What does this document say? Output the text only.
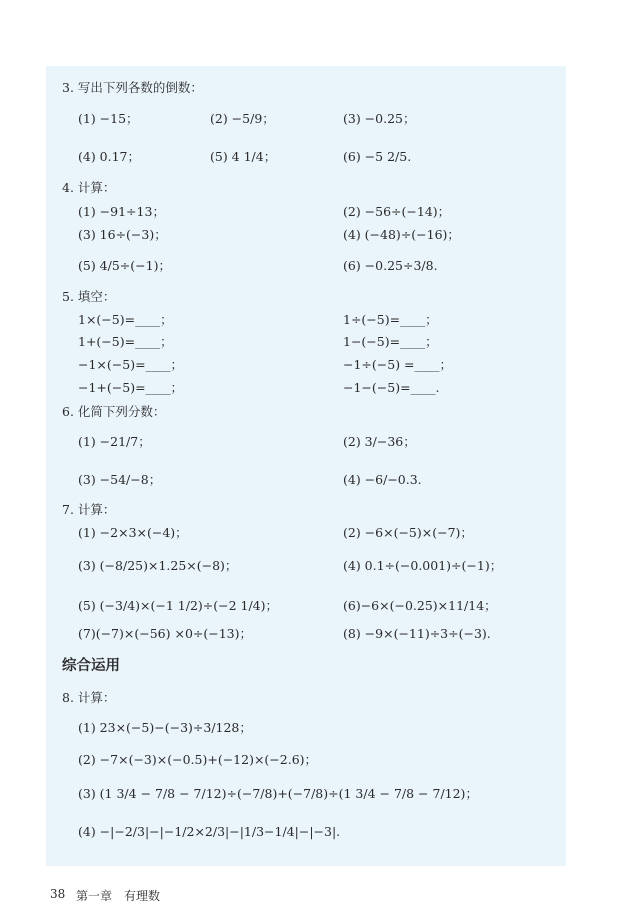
3. 写出下列各数的倒数：
(1) −15；	(2) −5/9；	(3) −0.25；
(4) 0.17；	(5) 4 1/4；	(6) −5 2/5.
4. 计算：
(1) −91÷13；	(2) −56÷(−14)；
(3) 16÷(−3)；	(4) (−48)÷(−16)；
(5) 4/5÷(−1)；	(6) −0.25÷3/8.
5. 填空：
1×(−5)=____；	1÷(−5)=____；
1+(−5)=____；	1−(−5)=____；
−1×(−5)=____；	−1÷(−5) =____；
−1+(−5)=____；	−1−(−5)=____.
6. 化简下列分数：
(1) −21/7；	(2) 3/−36；
(3) −54/−8；	(4) −6/−0.3.
7. 计算：
(1) −2×3×(−4)；	(2) −6×(−5)×(−7)；
(3) (−8/25)×1.25×(−8)；	(4) 0.1÷(−0.001)÷(−1)；
(5) (−3/4)×(−1 1/2)÷(−2 1/4)；	(6)−6×(−0.25)×11/14；
(7)(−7)×(−56) ×0÷(−13)；	(8) −9×(−11)÷3÷(−3).
综合运用
8. 计算：
(1) 23×(−5)−(−3)÷3/128；
(2) −7×(−3)×(−0.5)+(−12)×(−2.6)；
(3) (1 3/4 − 7/8 − 7/12)÷(−7/8)+(−7/8)÷(1 3/4 − 7/8 − 7/12)；
(4) −|−2/3|−|−1/2×2/3|−|1/3−1/4|−|−3|.
38 第一章 有理数
